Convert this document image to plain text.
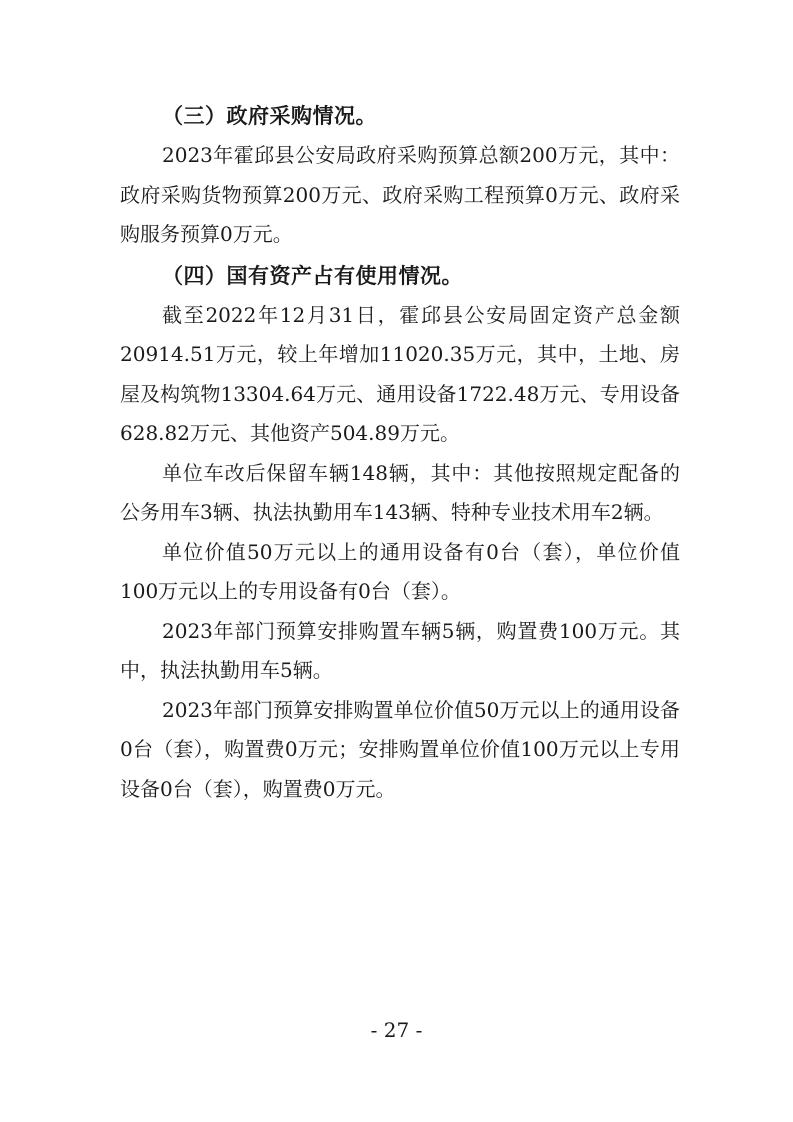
（三）政府采购情况。

2023年霍邱县公安局政府采购预算总额200万元，其中：政府采购货物预算200万元、政府采购工程预算0万元、政府采购服务预算0万元。

（四）国有资产占有使用情况。

截至2022年12月31日，霍邱县公安局固定资产总金额20914.51万元，较上年增加11020.35万元，其中，土地、房屋及构筑物13304.64万元、通用设备1722.48万元、专用设备628.82万元、其他资产504.89万元。

单位车改后保留车辆148辆，其中：其他按照规定配备的公务用车3辆、执法执勤用车143辆、特种专业技术用车2辆。

单位价值50万元以上的通用设备有0台（套），单位价值100万元以上的专用设备有0台（套）。

2023年部门预算安排购置车辆5辆，购置费100万元。其中，执法执勤用车5辆。

2023年部门预算安排购置单位价值50万元以上的通用设备0台（套），购置费0万元；安排购置单位价值100万元以上专用设备0台（套），购置费0万元。

- 27 -
